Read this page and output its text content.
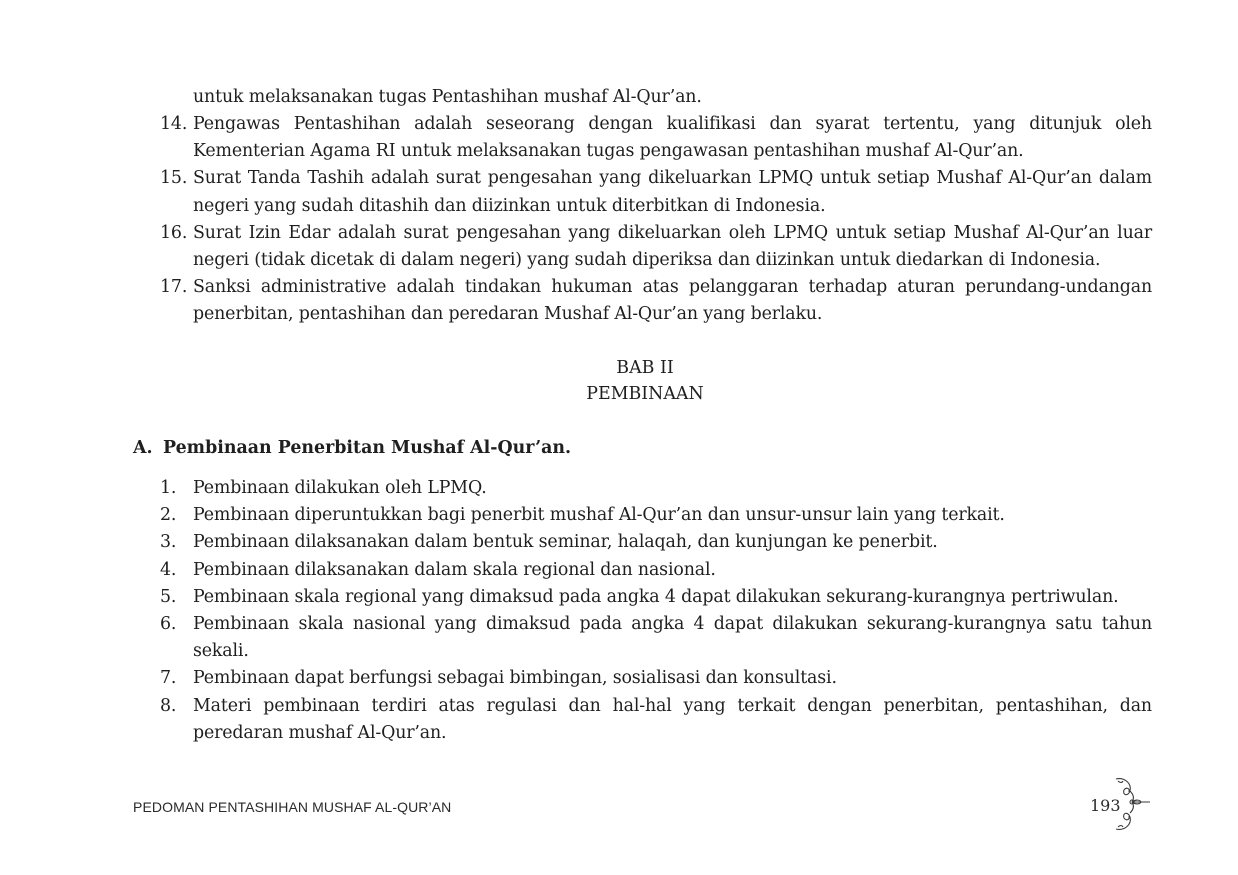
untuk melaksanakan tugas Pentashihan mushaf Al-Qur’an.
14. Pengawas Pentashihan adalah seseorang dengan kualifikasi dan syarat tertentu, yang ditunjuk oleh Kementerian Agama RI untuk melaksanakan tugas pengawasan pentashihan mushaf Al-Qur’an.
15. Surat Tanda Tashih adalah surat pengesahan yang dikeluarkan LPMQ untuk setiap Mushaf Al-Qur’an dalam negeri yang sudah ditashih dan diizinkan untuk diterbitkan di Indonesia.
16. Surat Izin Edar adalah surat pengesahan yang dikeluarkan oleh LPMQ untuk setiap Mushaf Al-Qur’an luar negeri (tidak dicetak di dalam negeri) yang sudah diperiksa dan diizinkan untuk diedarkan di Indonesia.
17. Sanksi administrative adalah tindakan hukuman atas pelanggaran terhadap aturan perundang-undangan penerbitan, pentashihan dan peredaran Mushaf Al-Qur’an yang berlaku.
BAB II
PEMBINAAN
A. Pembinaan Penerbitan Mushaf Al-Qur’an.
1. Pembinaan dilakukan oleh LPMQ.
2. Pembinaan diperuntukkan bagi penerbit mushaf Al-Qur’an dan unsur-unsur lain yang terkait.
3. Pembinaan dilaksanakan dalam bentuk seminar, halaqah, dan kunjungan ke penerbit.
4. Pembinaan dilaksanakan dalam skala regional dan nasional.
5. Pembinaan skala regional yang dimaksud pada angka 4 dapat dilakukan sekurang-kurangnya pertriwulan.
6. Pembinaan skala nasional yang dimaksud pada angka 4 dapat dilakukan sekurang-kurangnya satu tahun sekali.
7. Pembinaan dapat berfungsi sebagai bimbingan, sosialisasi dan konsultasi.
8. Materi pembinaan terdiri atas regulasi dan hal-hal yang terkait dengan penerbitan, pentashihan, dan peredaran mushaf Al-Qur’an.
PEDOMAN PENTASHIHAN MUSHAF AL-QUR’AN	193
